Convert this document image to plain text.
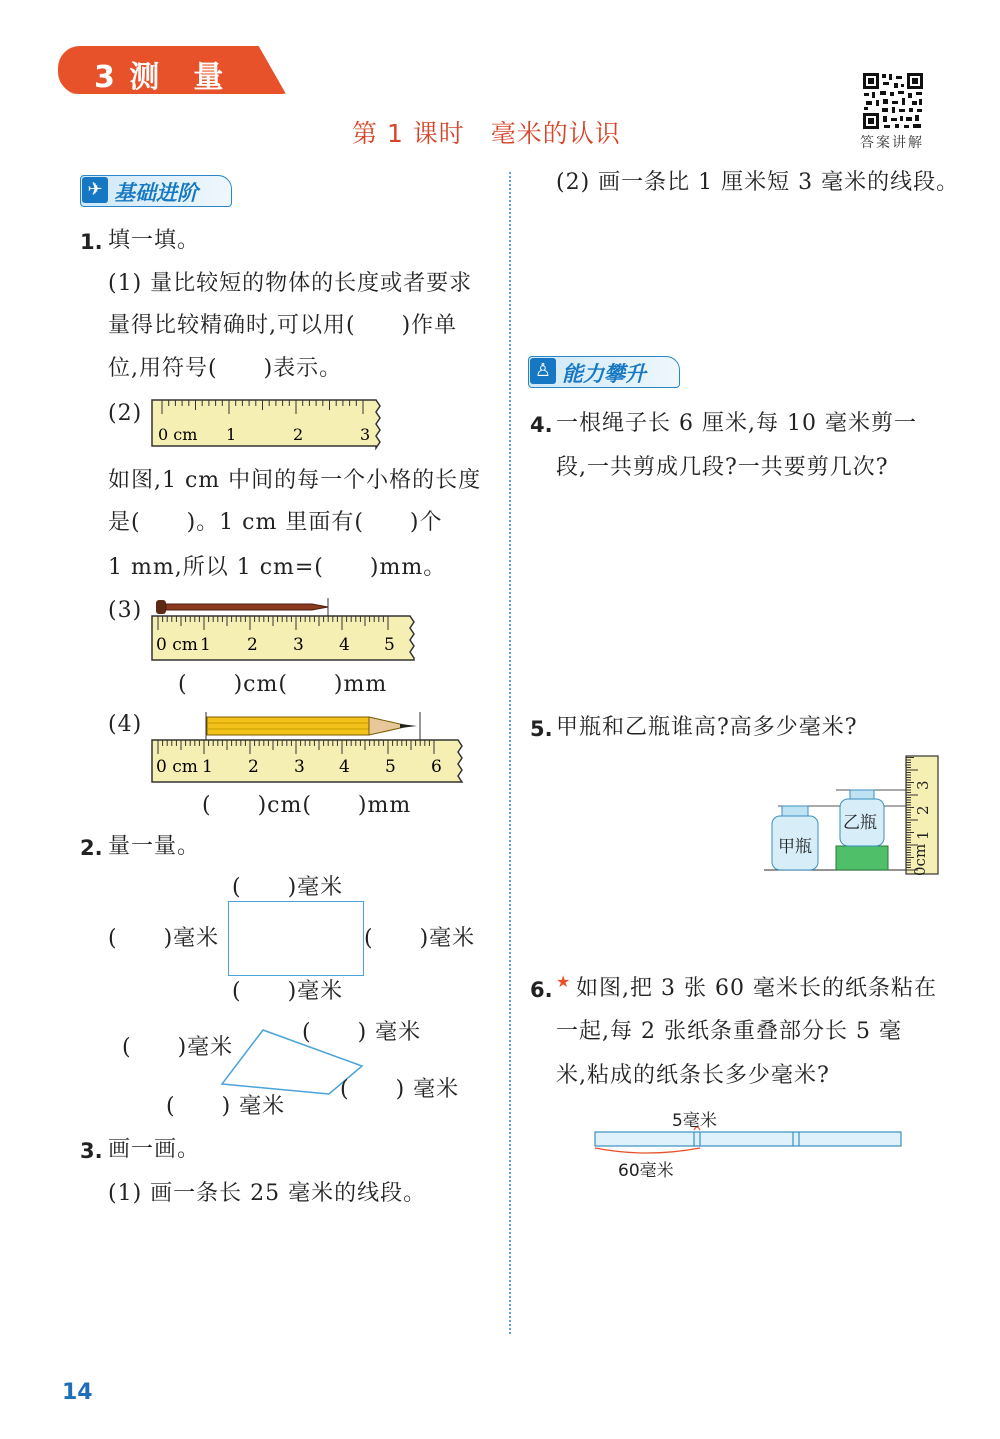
3 测　量
第 1 课时　毫米的认识	答案讲解
✈ 基础进阶
1. 填一填。
(1) 量比较短的物体的长度或者要求
量得比较精确时,可以用(　　)作单
位,用符号(　　)表示。
(2)
0 cm 1	2	3
如图,1 cm 中间的每一个小格的长度
是(　　)。1 cm 里面有(　　)个
1 mm,所以 1 cm=(　　)mm。
(3)
0 cm 1 2 3 4 5
(　　)cm(　　)mm
(4)
0 cm 1 2 3 4 5 6
(　　)cm(　　)mm
2. 量一量。
(　　)毫米
(　　)毫米	(　　)毫米
(　　)毫米
(　　)毫米
(　　) 毫米
(　　) 毫米
(　　) 毫米
3. 画一画。
(1) 画一条长 25 毫米的线段。
(2) 画一条比 1 厘米短 3 毫米的线段。
♙ 能力攀升
4. 一根绳子长 6 厘米,每 10 毫米剪一
段,一共剪成几段?一共要剪几次?
5. 甲瓶和乙瓶谁高?高多少毫米?
甲瓶
乙瓶
0cm
1
2
3
6. ★ 如图,把 3 张 60 毫米长的纸条粘在
一起,每 2 张纸条重叠部分长 5 毫
米,粘成的纸条长多少毫米?
5毫米
60毫米
14
